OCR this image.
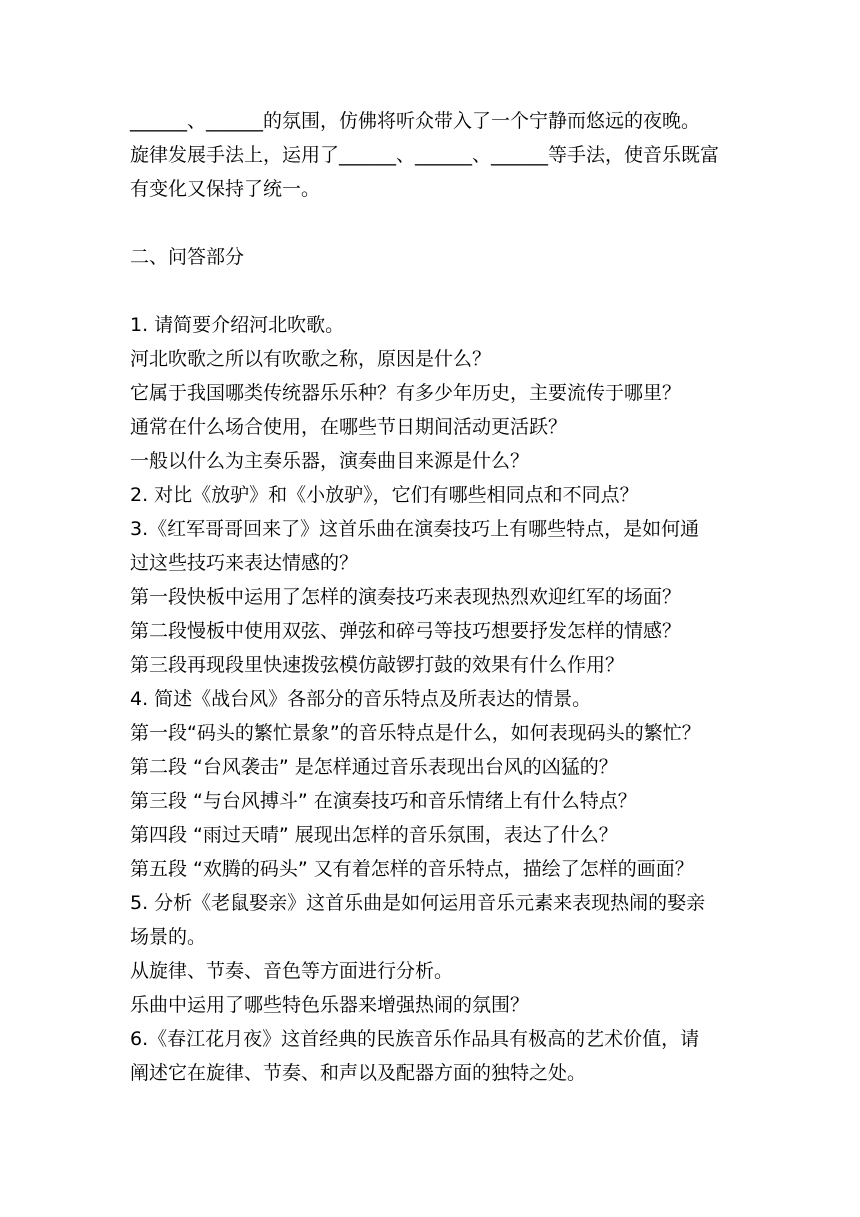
______、______的氛围，仿佛将听众带入了一个宁静而悠远的夜晚。
旋律发展手法上，运用了______、______、______等手法，使音乐既富
有变化又保持了统一。
二、问答部分
1. 请简要介绍河北吹歌。
河北吹歌之所以有吹歌之称，原因是什么？
它属于我国哪类传统器乐乐种？有多少年历史，主要流传于哪里？
通常在什么场合使用，在哪些节日期间活动更活跃？
一般以什么为主奏乐器，演奏曲目来源是什么？
2. 对比《放驴》和《小放驴》，它们有哪些相同点和不同点？
3.《红军哥哥回来了》这首乐曲在演奏技巧上有哪些特点，是如何通
过这些技巧来表达情感的？
第一段快板中运用了怎样的演奏技巧来表现热烈欢迎红军的场面？
第二段慢板中使用双弦、弹弦和碎弓等技巧想要抒发怎样的情感？
第三段再现段里快速拨弦模仿敲锣打鼓的效果有什么作用？
4. 简述《战台风》各部分的音乐特点及所表达的情景。
第一段“码头的繁忙景象”的音乐特点是什么，如何表现码头的繁忙？
第二段 “台风袭击” 是怎样通过音乐表现出台风的凶猛的？
第三段 “与台风搏斗” 在演奏技巧和音乐情绪上有什么特点？
第四段 “雨过天晴” 展现出怎样的音乐氛围，表达了什么？
第五段 “欢腾的码头” 又有着怎样的音乐特点，描绘了怎样的画面？
5. 分析《老鼠娶亲》这首乐曲是如何运用音乐元素来表现热闹的娶亲
场景的。
从旋律、节奏、音色等方面进行分析。
乐曲中运用了哪些特色乐器来增强热闹的氛围？
6.《春江花月夜》这首经典的民族音乐作品具有极高的艺术价值，请
阐述它在旋律、节奏、和声以及配器方面的独特之处。
